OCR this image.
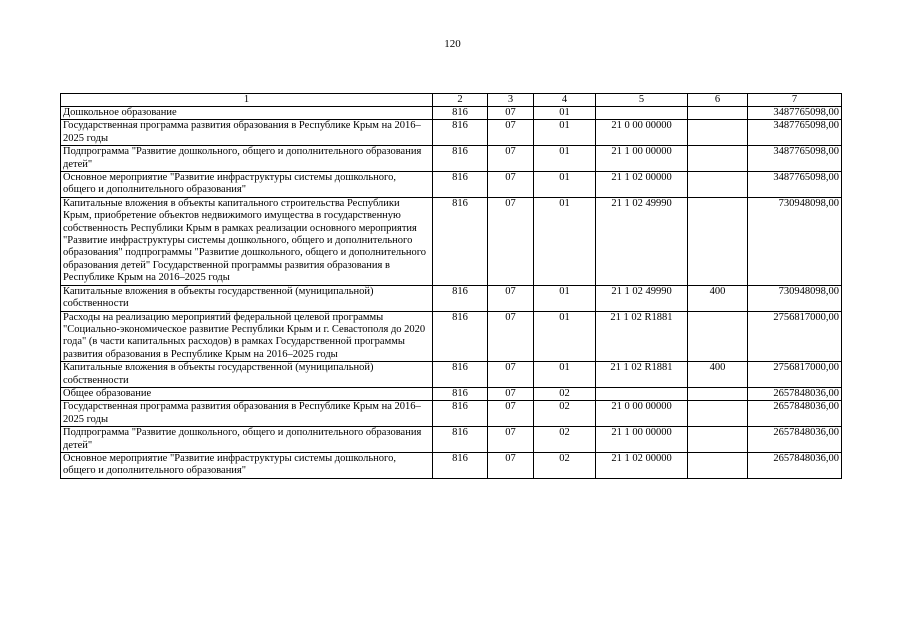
120
1	2	3	4	5	6	7
Дошкольное образование	816	07	01			3487765098,00
Государственная программа развития образования в Республике Крым на 2016–2025 годы	816	07	01	21 0 00 00000		3487765098,00
Подпрограмма "Развитие дошкольного, общего и дополнительного образования детей"	816	07	01	21 1 00 00000		3487765098,00
Основное мероприятие "Развитие инфраструктуры системы дошкольного, общего и дополнительного образования"	816	07	01	21 1 02 00000		3487765098,00
Капитальные вложения в объекты капитального строительства Республики Крым, приобретение объектов недвижимого имущества в государственную собственность Республики Крым в рамках реализации основного мероприятия "Развитие инфраструктуры системы дошкольного, общего и дополнительного образования" подпрограммы "Развитие дошкольного, общего и дополнительного образования детей" Государственной программы развития образования в Республике Крым на 2016–2025 годы	816	07	01	21 1 02 49990		730948098,00
Капитальные вложения в объекты государственной (муниципальной) собственности	816	07	01	21 1 02 49990	400	730948098,00
Расходы на реализацию мероприятий федеральной целевой программы "Социально-экономическое развитие Республики Крым и г. Севастополя до 2020 года" (в части капитальных расходов) в рамках Государственной программы развития образования в Республике Крым на 2016–2025 годы	816	07	01	21 1 02 R1881		2756817000,00
Капитальные вложения в объекты государственной (муниципальной) собственности	816	07	01	21 1 02 R1881	400	2756817000,00
Общее образование	816	07	02			2657848036,00
Государственная программа развития образования в Республике Крым на 2016–2025 годы	816	07	02	21 0 00 00000		2657848036,00
Подпрограмма "Развитие дошкольного, общего и дополнительного образования детей"	816	07	02	21 1 00 00000		2657848036,00
Основное мероприятие "Развитие инфраструктуры системы дошкольного, общего и дополнительного образования"	816	07	02	21 1 02 00000		2657848036,00
